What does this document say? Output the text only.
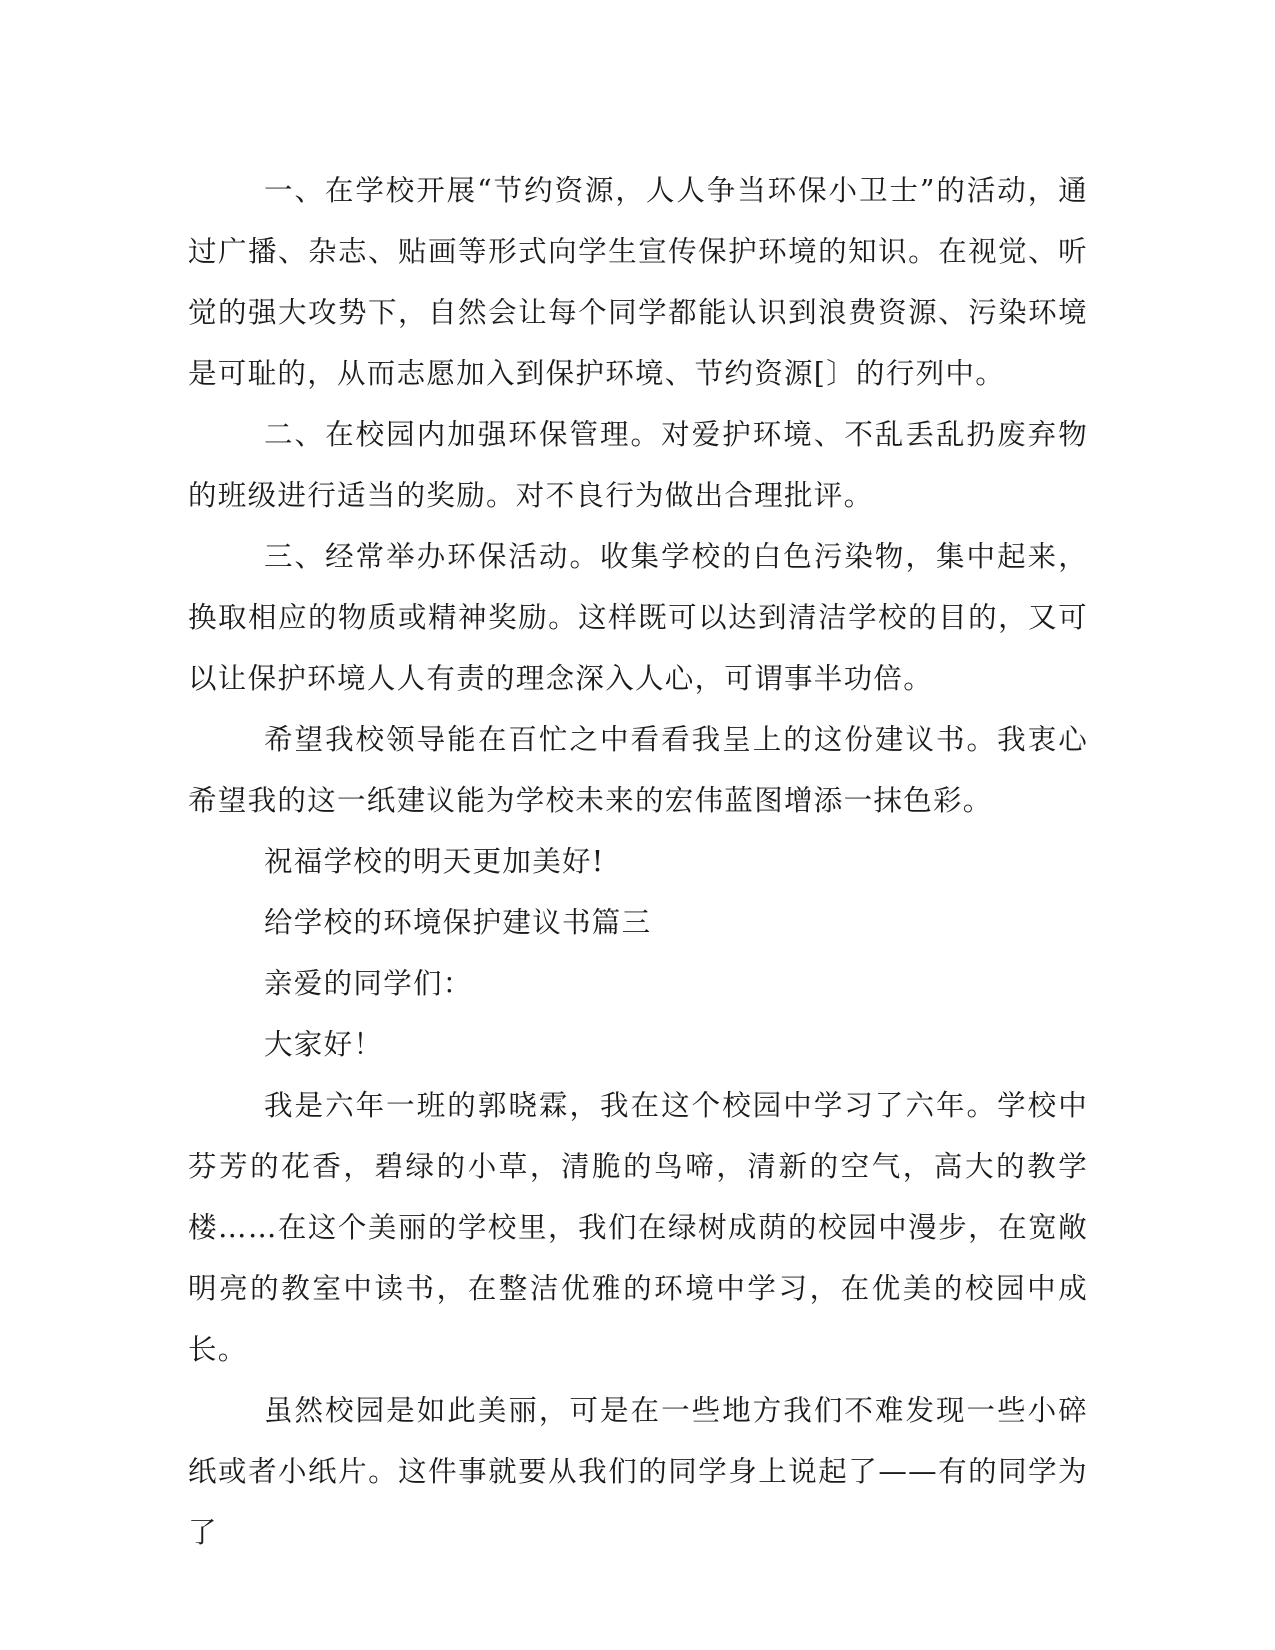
一、在学校开展“节约资源，人人争当环保小卫士”的活动，通过广播、杂志、贴画等形式向学生宣传保护环境的知识。在视觉、听觉的强大攻势下，自然会让每个同学都能认识到浪费资源、污染环境是可耻的，从而志愿加入到保护环境、节约资源[〕的行列中。

二、在校园内加强环保管理。对爱护环境、不乱丢乱扔废弃物的班级进行适当的奖励。对不良行为做出合理批评。

三、经常举办环保活动。收集学校的白色污染物，集中起来，换取相应的物质或精神奖励。这样既可以达到清洁学校的目的，又可以让保护环境人人有责的理念深入人心，可谓事半功倍。

希望我校领导能在百忙之中看看我呈上的这份建议书。我衷心希望我的这一纸建议能为学校未来的宏伟蓝图增添一抹色彩。

祝福学校的明天更加美好!

给学校的环境保护建议书篇三

亲爱的同学们：

大家好！

我是六年一班的郭晓霖，我在这个校园中学习了六年。学校中芬芳的花香，碧绿的小草，清脆的鸟啼，清新的空气，高大的教学楼……在这个美丽的学校里，我们在绿树成荫的校园中漫步，在宽敞明亮的教室中读书，在整洁优雅的环境中学习，在优美的校园中成长。

虽然校园是如此美丽，可是在一些地方我们不难发现一些小碎纸或者小纸片。这件事就要从我们的同学身上说起了——有的同学为了
